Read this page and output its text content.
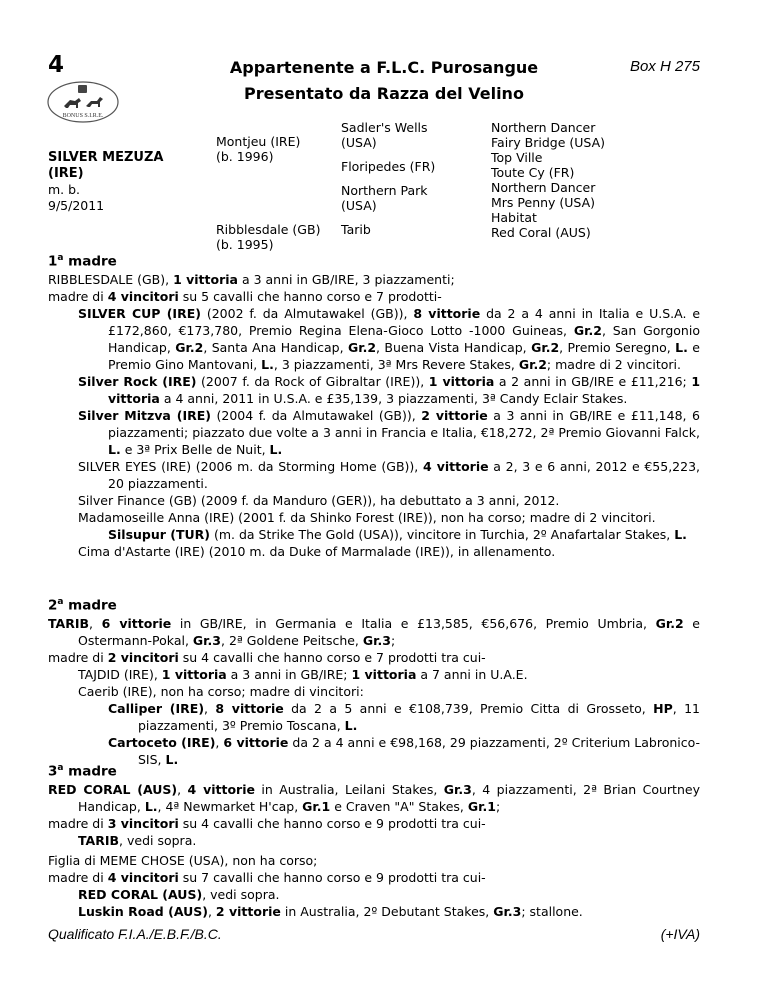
4
BONUS S.I.R.E.
Appartenente a F.L.C. Purosangue
Presentato da Razza del Velino
Box H 275
SILVER MEZUZA
(IRE)
m. b.
9/5/2011
Montjeu (IRE)
(b. 1996)
Ribblesdale (GB)
(b. 1995)
Sadler's Wells
(USA)
Floripedes (FR)
Northern Park
(USA)
Tarib
Northern Dancer
Fairy Bridge (USA)
Top Ville
Toute Cy (FR)
Northern Dancer
Mrs Penny (USA)
Habitat
Red Coral (AUS)

1$^a$ madre

RIBBLESDALE (GB), 1 vittoria a 3 anni in GB/IRE, 3 piazzamenti;

madre di 4 vincitori su 5 cavalli che hanno corso e 7 prodotti-

SILVER CUP (IRE) (2002 f. da Almutawakel (GB)), 8 vittorie da 2 a 4 anni in Italia e U.S.A. e £172,860, €173,780, Premio Regina Elena-Gioco Lotto -1000 Guineas, Gr.2, San Gorgonio Handicap, Gr.2, Santa Ana Handicap, Gr.2, Buena Vista Handicap, Gr.2, Premio Seregno, L. e Premio Gino Mantovani, L., 3 piazzamenti, 3ª Mrs Revere Stakes, Gr.2; madre di 2 vincitori.

Silver Rock (IRE) (2007 f. da Rock of Gibraltar (IRE)), 1 vittoria a 2 anni in GB/IRE e £11,216; 1 vittoria a 4 anni, 2011 in U.S.A. e £35,139, 3 piazzamenti, 3ª Candy Eclair Stakes.

Silver Mitzva (IRE) (2004 f. da Almutawakel (GB)), 2 vittorie a 3 anni in GB/IRE e £11,148, 6 piazzamenti; piazzato due volte a 3 anni in Francia e Italia, €18,272, 2ª Premio Giovanni Falck, L. e 3ª Prix Belle de Nuit, L.

SILVER EYES (IRE) (2006 m. da Storming Home (GB)), 4 vittorie a 2, 3 e 6 anni, 2012 e €55,223, 20 piazzamenti.

Silver Finance (GB) (2009 f. da Manduro (GER)), ha debuttato a 3 anni, 2012.

Madamoseille Anna (IRE) (2001 f. da Shinko Forest (IRE)), non ha corso; madre di 2 vincitori.

Silsupur (TUR) (m. da Strike The Gold (USA)), vincitore in Turchia, 2º Anafartalar Stakes, L.

Cima d'Astarte (IRE) (2010 m. da Duke of Marmalade (IRE)), in allenamento.

2$^a$ madre

TARIB, 6 vittorie in GB/IRE, in Germania e Italia e £13,585, €56,676, Premio Umbria, Gr.2 e Ostermann-Pokal, Gr.3, 2ª Goldene Peitsche, Gr.3;

madre di 2 vincitori su 4 cavalli che hanno corso e 7 prodotti tra cui-

TAJDID (IRE), 1 vittoria a 3 anni in GB/IRE; 1 vittoria a 7 anni in U.A.E.

Caerib (IRE), non ha corso; madre di vincitori:

Calliper (IRE), 8 vittorie da 2 a 5 anni e €108,739, Premio Citta di Grosseto, HP, 11 piazzamenti, 3º Premio Toscana, L.

Cartoceto (IRE), 6 vittorie da 2 a 4 anni e €98,168, 29 piazzamenti, 2º Criterium Labronico-SIS, L.

3$^a$ madre

RED CORAL (AUS), 4 vittorie in Australia, Leilani Stakes, Gr.3, 4 piazzamenti, 2ª Brian Courtney Handicap, L., 4ª Newmarket H'cap, Gr.1 e Craven "A" Stakes, Gr.1;

madre di 3 vincitori su 4 cavalli che hanno corso e 9 prodotti tra cui-

TARIB, vedi sopra.

Figlia di MEME CHOSE (USA), non ha corso;

madre di 4 vincitori su 7 cavalli che hanno corso e 9 prodotti tra cui-

RED CORAL (AUS), vedi sopra.

Luskin Road (AUS), 2 vittorie in Australia, 2º Debutant Stakes, Gr.3; stallone.

Qualificato F.I.A./E.B.F./B.C.	(+IVA)
